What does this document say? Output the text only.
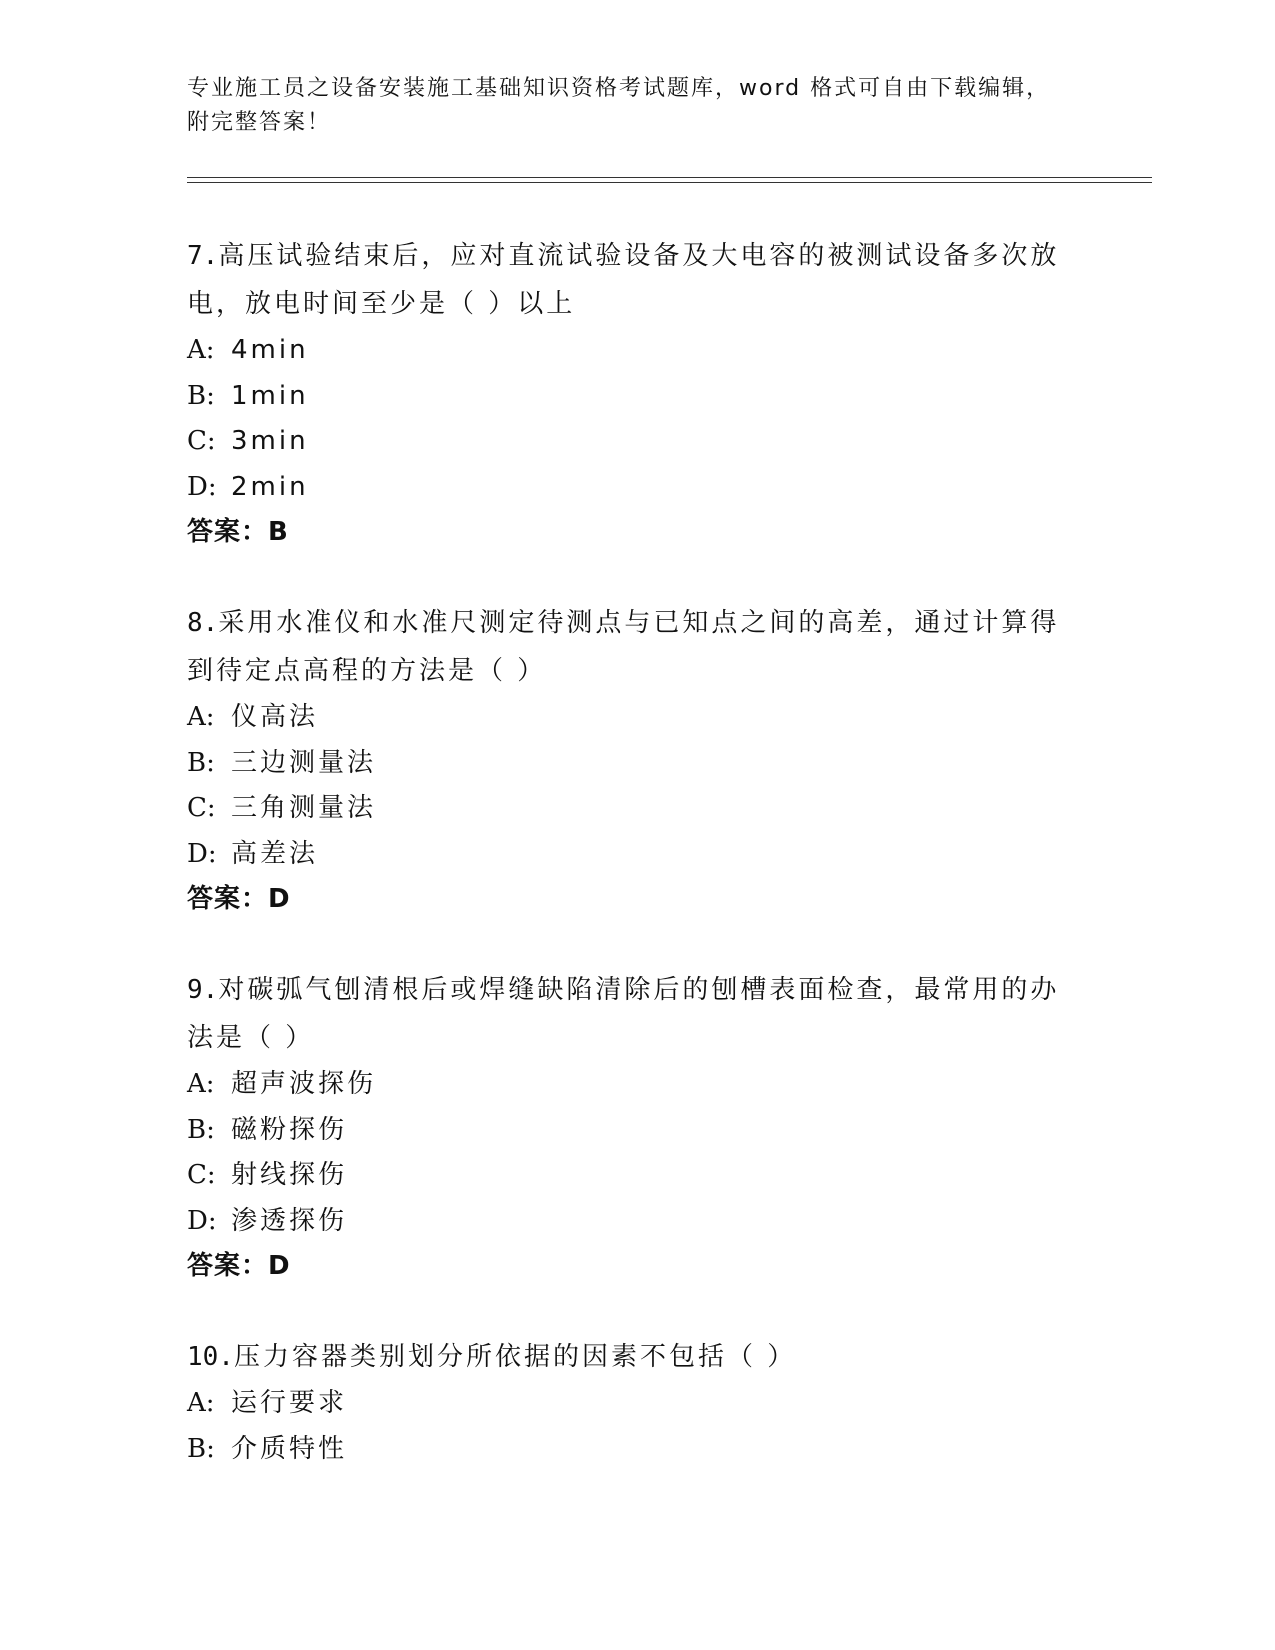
专业施工员之设备安装施工基础知识资格考试题库，word 格式可自由下载编辑，
附完整答案！

7.高压试验结束后，应对直流试验设备及大电容的被测试设备多次放

电，放电时间至少是（ ）以上

A: 4min

B: 1min

C: 3min

D: 2min

答案：B

8.采用水准仪和水准尺测定待测点与已知点之间的高差，通过计算得

到待定点高程的方法是（ ）

A: 仪高法

B: 三边测量法

C: 三角测量法

D: 高差法

答案：D

9.对碳弧气刨清根后或焊缝缺陷清除后的刨槽表面检查，最常用的办

法是（ ）

A: 超声波探伤

B: 磁粉探伤

C: 射线探伤

D: 渗透探伤

答案：D

10.压力容器类别划分所依据的因素不包括（ ）

A: 运行要求

B: 介质特性
